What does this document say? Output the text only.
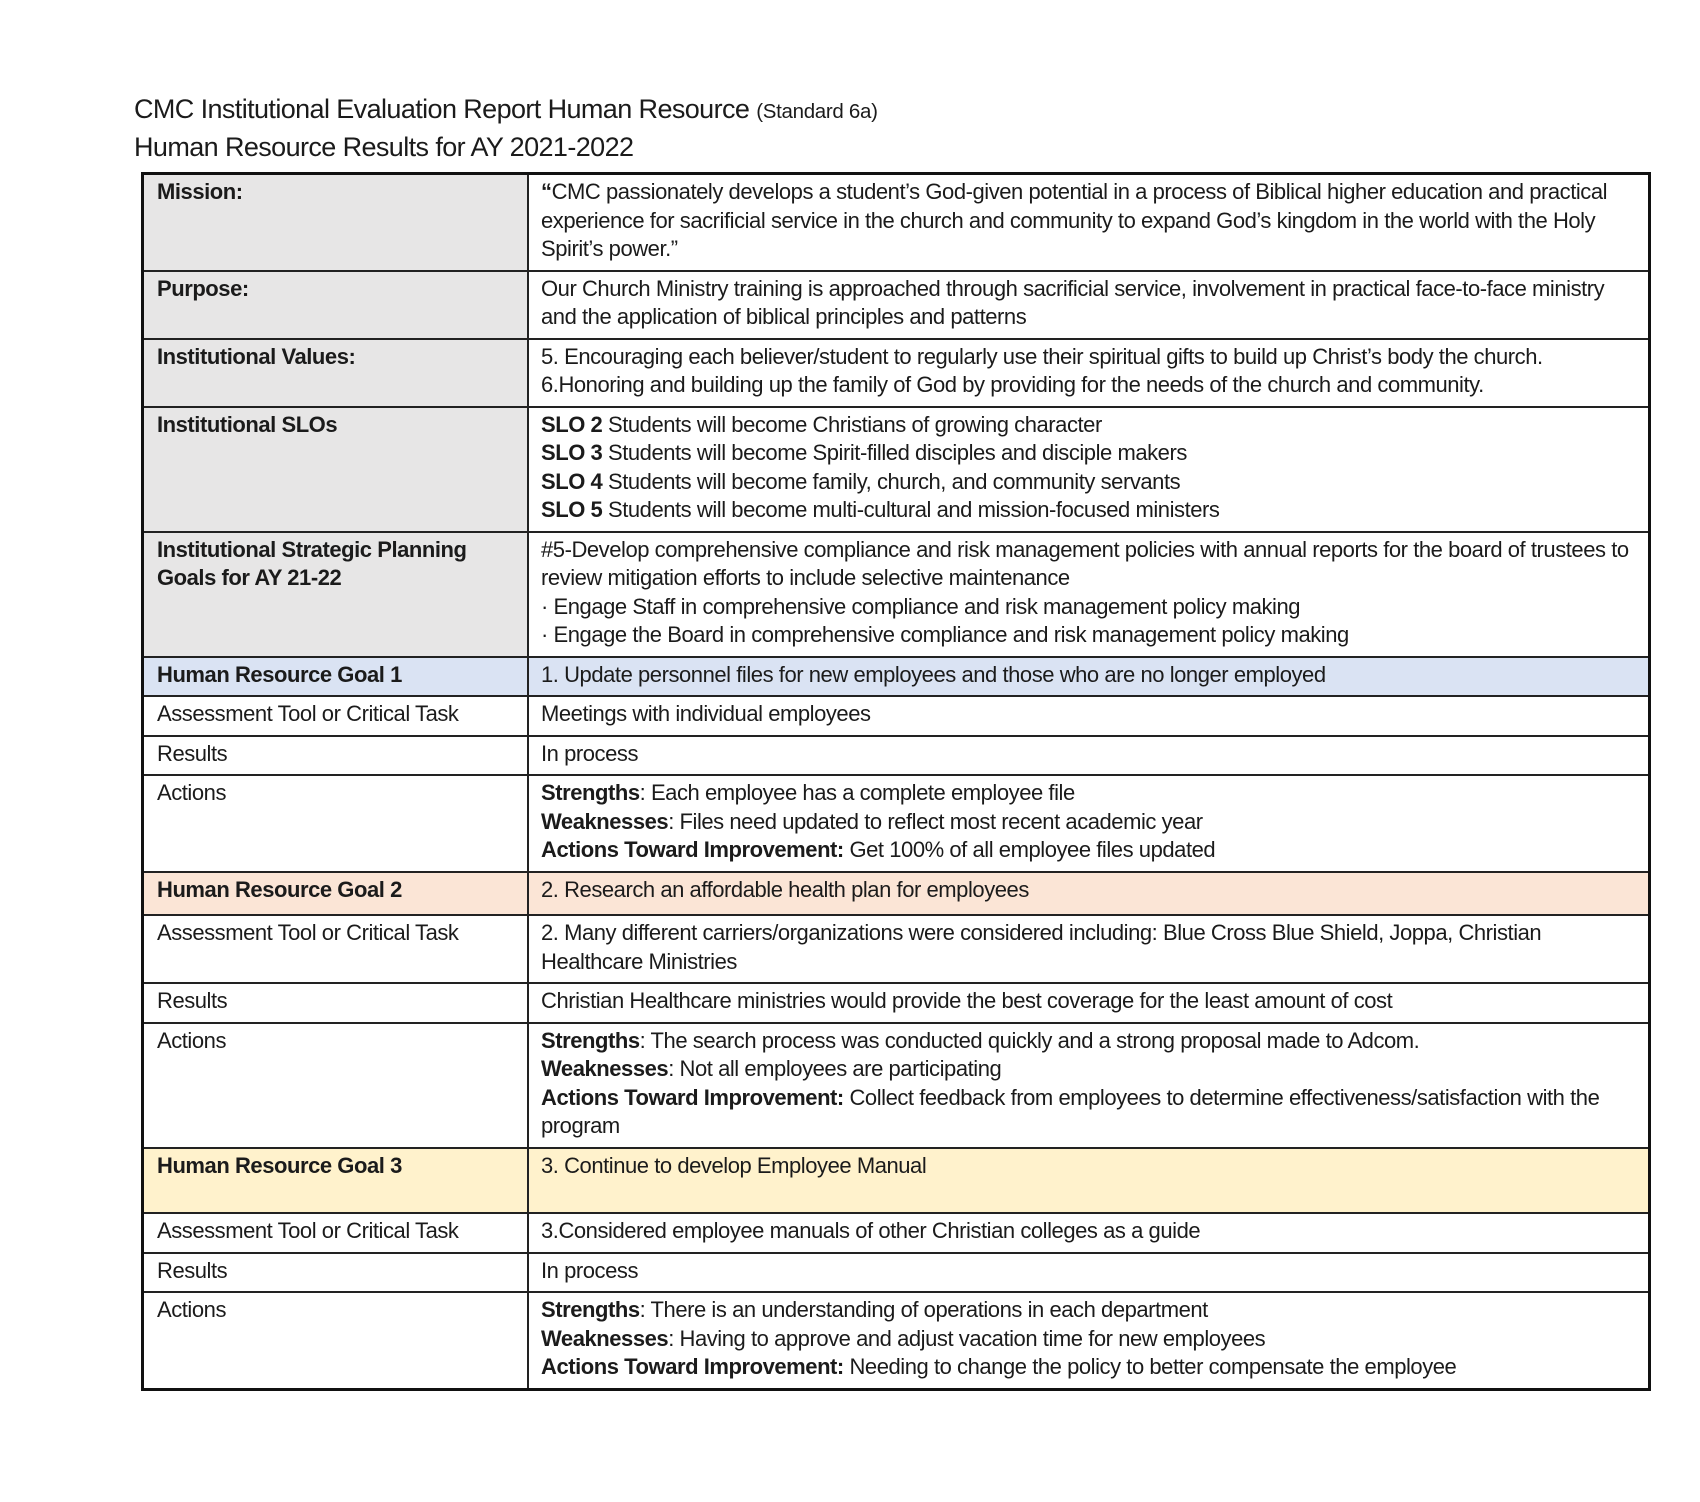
CMC Institutional Evaluation Report Human Resource (Standard 6a)
Human Resource Results for AY 2021-2022
Mission:	“CMC passionately develops a student’s God-given potential in a process of Biblical higher education and practical experience for sacrificial service in the church and community to expand God’s kingdom in the world with the Holy Spirit’s power.”

Purpose:	Our Church Ministry training is approached through sacrificial service, involvement in practical face-to-face ministry and the application of biblical principles and patterns

Institutional Values:	5. Encouraging each believer/student to regularly use their spiritual gifts to build up Christ’s body the church.
6.Honoring and building up the family of God by providing for the needs of the church and community.

Institutional SLOs	SLO 2 Students will become Christians of growing character
SLO 3 Students will become Spirit-filled disciples and disciple makers
SLO 4 Students will become family, church, and community servants
SLO 5 Students will become multi-cultural and mission-focused ministers

Institutional Strategic Planning Goals for AY 21-22	#5-Develop comprehensive compliance and risk management policies with annual reports for the board of trustees to review mitigation efforts to include selective maintenance
· Engage Staff in comprehensive compliance and risk management policy making
· Engage the Board in comprehensive compliance and risk management policy making

Human Resource Goal 1	1. Update personnel files for new employees and those who are no longer employed

Assessment Tool or Critical Task	Meetings with individual employees

Results	In process

Actions	Strengths: Each employee has a complete employee file
Weaknesses: Files need updated to reflect most recent academic year
Actions Toward Improvement: Get 100% of all employee files updated

Human Resource Goal 2	2. Research an affordable health plan for employees

Assessment Tool or Critical Task	2. Many different carriers/organizations were considered including: Blue Cross Blue Shield, Joppa, Christian Healthcare Ministries

Results	Christian Healthcare ministries would provide the best coverage for the least amount of cost

Actions	Strengths: The search process was conducted quickly and a strong proposal made to Adcom.
Weaknesses: Not all employees are participating
Actions Toward Improvement: Collect feedback from employees to determine effectiveness/satisfaction with the program

Human Resource Goal 3	3. Continue to develop Employee Manual

Assessment Tool or Critical Task	3.Considered employee manuals of other Christian colleges as a guide

Results	In process

Actions	Strengths: There is an understanding of operations in each department
Weaknesses: Having to approve and adjust vacation time for new employees
Actions Toward Improvement: Needing to change the policy to better compensate the employee
